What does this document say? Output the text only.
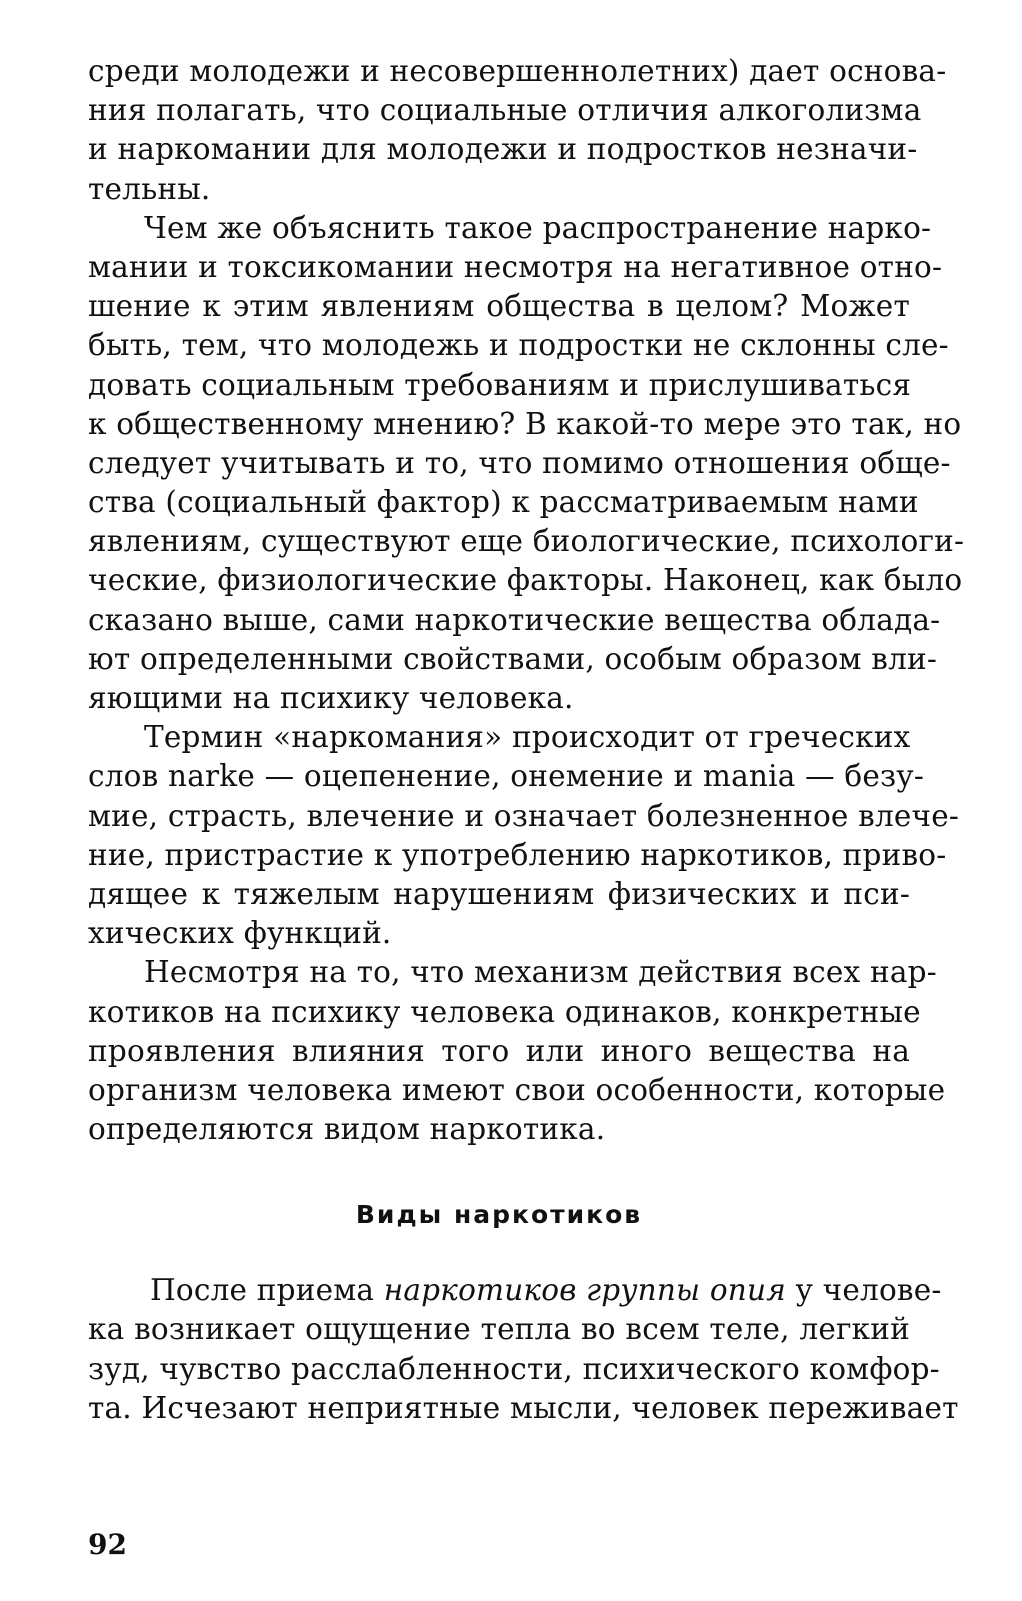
среди молодежи и несовершеннолетних) дает основа-
ния полагать, что социальные отличия алкоголизма
и наркомании для молодежи и подростков незначи-
тельны.
Чем же объяснить такое распространение нарко-
мании и токсикомании несмотря на негативное отно-
шение к этим явлениям общества в целом? Может
быть, тем, что молодежь и подростки не склонны сле-
довать социальным требованиям и прислушиваться
к общественному мнению? В какой-то мере это так, но
следует учитывать и то, что помимо отношения обще-
ства (социальный фактор) к рассматриваемым нами
явлениям, существуют еще биологические, психологи-
ческие, физиологические факторы. Наконец, как было
сказано выше, сами наркотические вещества облада-
ют определенными свойствами, особым образом вли-
яющими на психику человека.
Термин «наркомания» происходит от греческих
слов narke — оцепенение, онемение и mania — безу-
мие, страсть, влечение и означает болезненное влече-
ние, пристрастие к употреблению наркотиков, приво-
дящее к тяжелым нарушениям физических и пси-
хических функций.
Несмотря на то, что механизм действия всех нар-
котиков на психику человека одинаков, конкретные
проявления влияния того или иного вещества на
организм человека имеют свои особенности, которые
определяются видом наркотика.
Виды наркотиков
После приема наркотиков группы опия у челове-
ка возникает ощущение тепла во всем теле, легкий
зуд, чувство расслабленности, психического комфор-
та. Исчезают неприятные мысли, человек переживает
92
